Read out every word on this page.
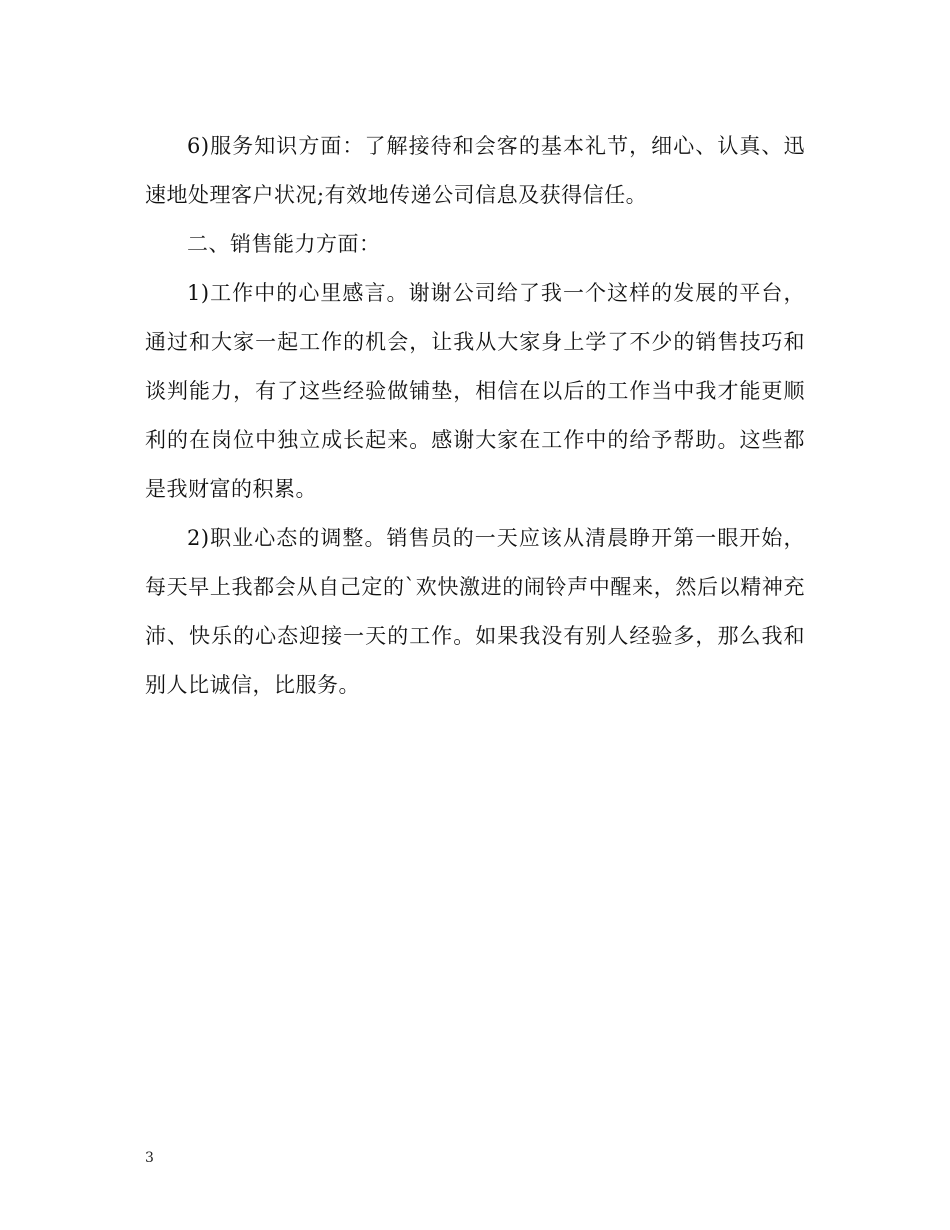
6)服务知识方面：了解接待和会客的基本礼节，细心、认真、迅速地处理客户状况;有效地传递公司信息及获得信任。

二、销售能力方面：

1)工作中的心里感言。谢谢公司给了我一个这样的发展的平台，通过和大家一起工作的机会，让我从大家身上学了不少的销售技巧和谈判能力，有了这些经验做铺垫，相信在以后的工作当中我才能更顺利的在岗位中独立成长起来。感谢大家在工作中的给予帮助。这些都是我财富的积累。

2)职业心态的调整。销售员的一天应该从清晨睁开第一眼开始，每天早上我都会从自己定的`欢快激进的闹铃声中醒来，然后以精神充沛、快乐的心态迎接一天的工作。如果我没有别人经验多，那么我和别人比诚信，比服务。

3
